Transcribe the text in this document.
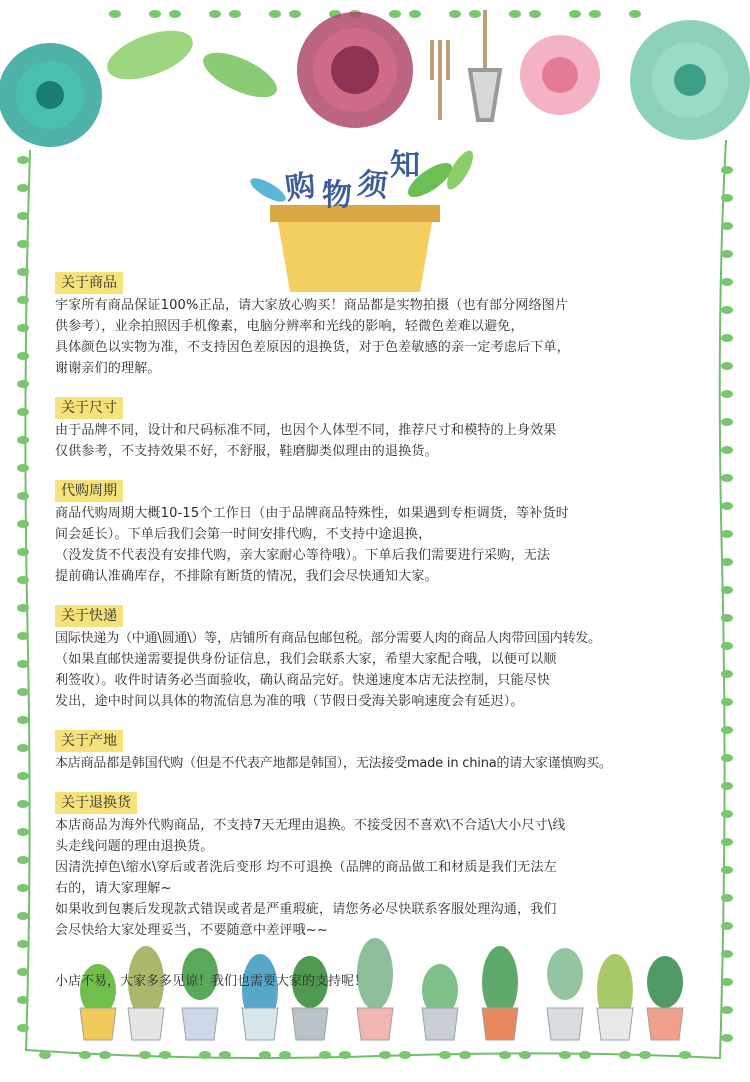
购 物 须
知
关于商品

宇家所有商品保证100%正品，请大家放心购买！商品都是实物拍摄（也有部分网络图片

供参考），业余拍照因手机像素，电脑分辨率和光线的影响，轻微色差难以避免，

具体颜色以实物为准，不支持因色差原因的退换货，对于色差敏感的亲一定考虑后下单，

谢谢亲们的理解。

关于尺寸

由于品牌不同，设计和尺码标准不同，也因个人体型不同，推荐尺寸和模特的上身效果

仅供参考，不支持效果不好，不舒服，鞋磨脚类似理由的退换货。

代购周期

商品代购周期大概10-15个工作日（由于品牌商品特殊性，如果遇到专柜调货，等补货时

间会延长）。下单后我们会第一时间安排代购，不支持中途退换，

（没发货不代表没有安排代购，亲大家耐心等待哦）。下单后我们需要进行采购，无法

提前确认准确库存，不排除有断货的情况，我们会尽快通知大家。

关于快递

国际快递为（中通\圆通\）等，店铺所有商品包邮包税。部分需要人肉的商品人肉带回国内转发。

（如果直邮快递需要提供身份证信息，我们会联系大家，希望大家配合哦，以便可以顺

利签收）。收件时请务必当面验收，确认商品完好。快递速度本店无法控制，只能尽快

发出，途中时间以具体的物流信息为准的哦（节假日受海关影响速度会有延迟）。

关于产地

本店商品都是韩国代购（但是不代表产地都是韩国），无法接受made in china的请大家谨慎购买。

关于退换货

本店商品为海外代购商品，不支持7天无理由退换。不接受因不喜欢\不合适\大小尺寸\线

头走线问题的理由退换货。

因清洗掉色\缩水\穿后或者洗后变形 均不可退换（品牌的商品做工和材质是我们无法左

右的，请大家理解~

如果收到包裹后发现款式错误或者是严重瑕疵，请您务必尽快联系客服处理沟通，我们

会尽快给大家处理妥当，不要随意中差评哦~~

小店不易，大家多多见谅！我们也需要大家的支持呢！
